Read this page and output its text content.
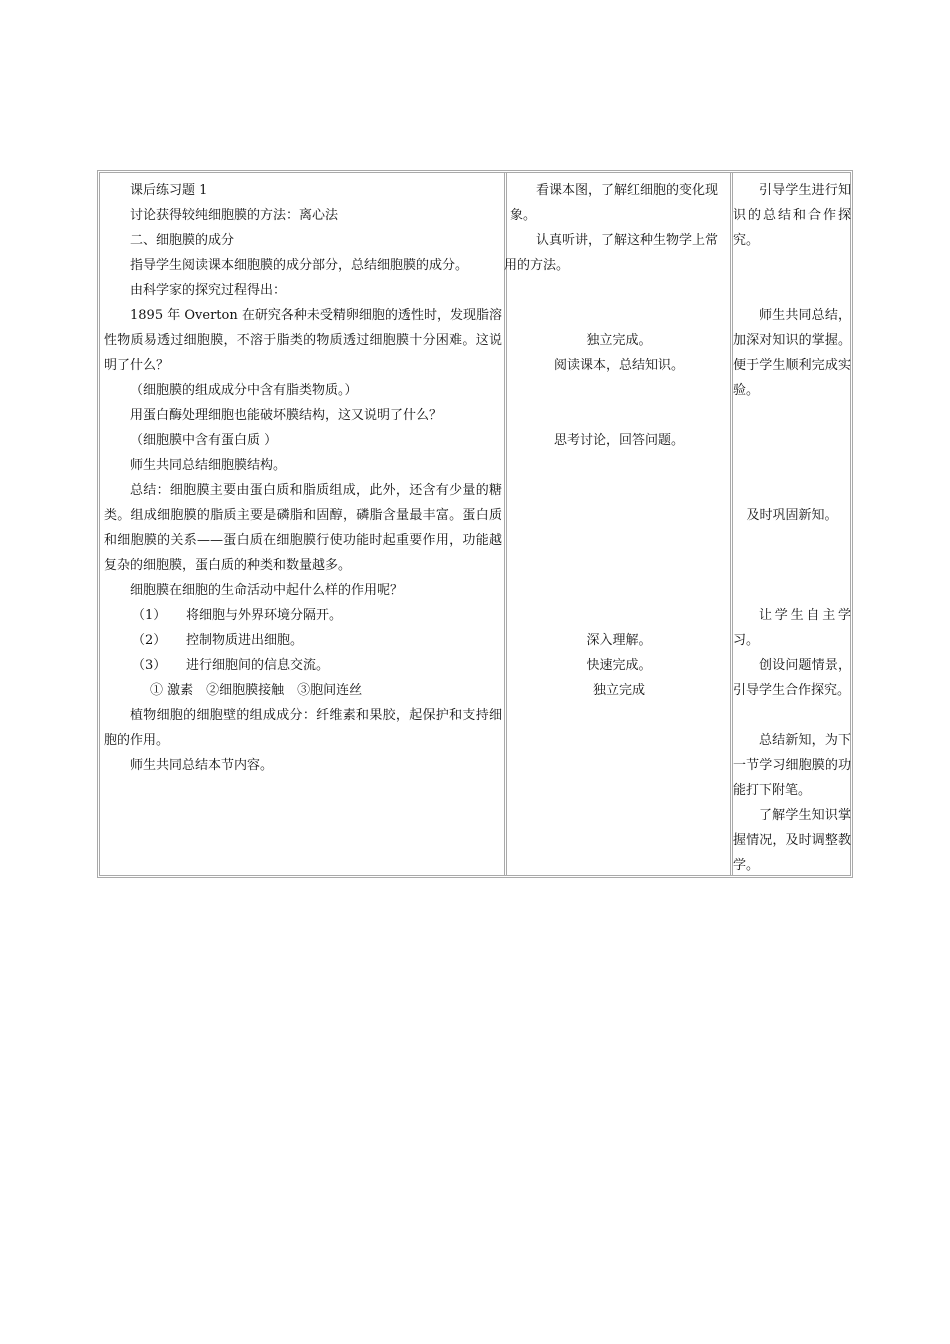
课后练习题 1

讨论获得较纯细胞膜的方法：离心法

二、细胞膜的成分

指导学生阅读课本细胞膜的成分部分，总结细胞膜的成分。	用的方法。

由科学家的探究过程得出：

1895 年 Overton 在研究各种未受精卵细胞的透性时，发现脂溶性物质易透过细胞膜，不溶于脂类的物质透过细胞膜十分困难。这说明了什么？

（细胞膜的组成成分中含有脂类物质。）

用蛋白酶处理细胞也能破坏膜结构，这又说明了什么？

（细胞膜中含有蛋白质 ）

师生共同总结细胞膜结构。

总结：细胞膜主要由蛋白质和脂质组成，此外，还含有少量的糖类。组成细胞膜的脂质主要是磷脂和固醇，磷脂含量最丰富。蛋白质和细胞膜的关系——蛋白质在细胞膜行使功能时起重要作用，功能越复杂的细胞膜，蛋白质的种类和数量越多。

细胞膜在细胞的生命活动中起什么样的作用呢？

（1） 将细胞与外界环境分隔开。
（2） 控制物质进出细胞。
（3） 进行细胞间的信息交流。
① 激素　②细胞膜接触　③胞间连丝

植物细胞的细胞壁的组成成分：纤维素和果胶，起保护和支持细胞的作用。

师生共同总结本节内容。

看课本图，了解红细胞的变化现象。

认真听讲，了解这种生物学上常

独立完成。

阅读课本，总结知识。

思考讨论，回答问题。

深入理解。

快速完成。

独立完成

引导学生进行知识的总结和合作探究。

师生共同总结，加深对知识的掌握。便于学生顺利完成实验。

及时巩固新知。

让学生自主学习。

创设问题情景，引导学生合作探究。

总结新知，为下一节学习细胞膜的功能打下附笔。

了解学生知识掌握情况，及时调整教学。
